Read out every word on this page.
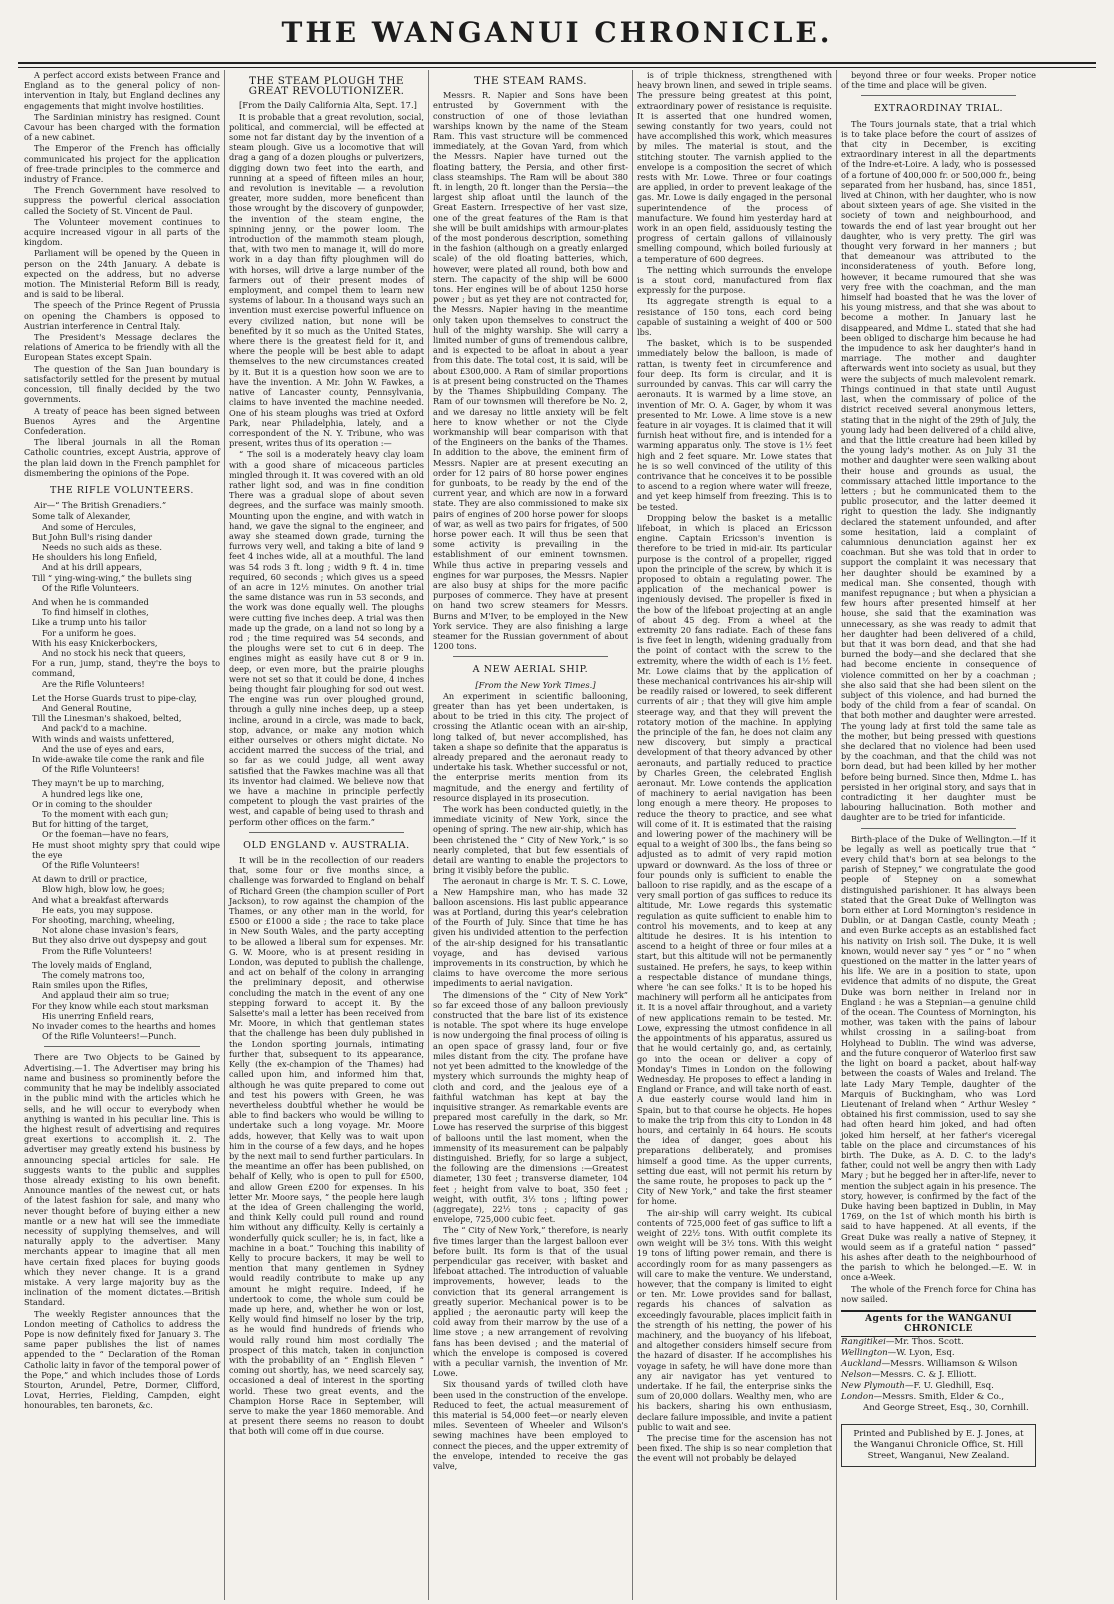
THE WANGANUI CHRONICLE.

A perfect accord exists between France and England as to the general policy of non-intervention in Italy, but England declines any engagements that might involve hostilities.

The Sardinian ministry has resigned. Count Cavour has been charged with the formation of a new cabinet.

The Emperor of the French has officially communicated his project for the application of free-trade principles to the commerce and industry of France.

The French Government have resolved to suppress the powerful clerical association called the Society of St. Vincent de Paul.

The Volunteer movement continues to acquire increased vigour in all parts of the kingdom.

Parliament will be opened by the Queen in person on the 24th January. A debate is expected on the address, but no adverse motion. The Ministerial Reform Bill is ready, and is said to be liberal.

The speech of the Prince Regent of Prussia on opening the Chambers is opposed to Austrian interference in Central Italy.

The President's Message declares the relations of America to be friendly with all the European States except Spain.

The question of the San Juan boundary is satisfactorily settled for the present by mutual concession, till finally decided by the two governments.

A treaty of peace has been signed between Buenos Ayres and the Argentine Confederation.

The liberal journals in all the Roman Catholic countries, except Austria, approve of the plan laid down in the French pamphlet for dismembering the opinions of the Pope.

THE RIFLE VOLUNTEERS.

Air—“ The British Grenadiers.”

Some talk of Alexander,
And some of Hercules,
But John Bull's rising dander
Needs no such aids as these.
He shoulders his long Enfield,
And at his drill appears,
Till “ ying-wing-wing,” the bullets sing
Of the Rifle Volunteers.
And when he is commanded
To find himself in clothes,
Like a trump unto his tailor
For a uniform he goes.
With his easy Knickerbockers,
And no stock his neck that queers,
For a run, jump, stand, they're the boys to command,
Are the Rifle Volunteers!
Let the Horse Guards trust to pipe-clay,
And General Routine,
Till the Linesman's shakoed, belted,
And pack'd to a machine.
With winds and waists unfettered,
And the use of eyes and ears,
In wide-awake tile come the rank and file
Of the Rifle Volunteers!
They mayn't be up to marching,
A hundred legs like one,
Or in coming to the shoulder
To the moment with each gun;
But for hitting of the target,
Or the foeman—have no fears,
He must shoot mighty spry that could wipe the eye
Of the Rifle Volunteers!
At dawn to drill or practice,
Blow high, blow low, he goes;
And what a breakfast afterwards
He eats, you may suppose.
For shooting, marching, wheeling,
Not alone chase invasion's fears,
But they also drive out dyspepsy and gout
From the Rifle Volunteers!
The lovely maids of England,
The comely matrons too,
Rain smiles upon the Rifles,
And applaud their aim so true;
For they know while each stout marksman
His unerring Enfield rears,
No invader comes to the hearths and homes
Of the Rifle Volunteers!—Punch.

There are Two Objects to be Gained by Advertising.—1. The Advertiser may bring his name and business so prominently before the community that he may be indelibly associated in the public mind with the articles which he sells, and he will occur to everybody when anything is wanted in his peculiar line. This is the highest result of advertising and requires great exertions to accomplish it. 2. The advertiser may greatly extend his business by announcing special articles for sale. He suggests wants to the public and supplies those already existing to his own benefit. Announce mantles of the newest cut, or hats of the latest fashion for sale, and many who never thought before of buying either a new mantle or a new hat will see the immediate necessity of supplying themselves, and will naturally apply to the advertiser. Many merchants appear to imagine that all men have certain fixed places for buying goods which they never change. It is a grand mistake. A very large majority buy as the inclination of the moment dictates.—British Standard.

The weekly Register announces that the London meeting of Catholics to address the Pope is now definitely fixed for January 3. The same paper publishes the list of names appended to the “ Declaration of the Roman Catholic laity in favor of the temporal power of the Pope,” and which includes those of Lords Stourton, Arundel, Petre, Dormer, Clifford, Lovat, Herries, Fielding, Campden, eight honourables, ten baronets, &c.

THE STEAM PLOUGH THE GREAT REVOLUTIONIZER.

[From the Daily California Alta, Sept. 17.]

It is probable that a great revolution, social, political, and commercial, will be effected at some not far distant day by the invention of a steam plough. Give us a locomotive that will drag a gang of a dozen ploughs or pulverizers, digging down two feet into the earth, and running at a speed of fifteen miles an hour, and revolution is inevitable — a revolution greater, more sudden, more beneficent than those wrought by the discovery of gunpowder, the invention of the steam engine, the spinning jenny, or the power loom. The introduction of the mammoth steam plough, that, with two men to manage it, will do more work in a day than fifty ploughmen will do with horses, will drive a large number of the farmers out of their present modes of employment, and compel them to learn new systems of labour. In a thousand ways such an invention must exercise powerful influence on every civilized nation, but none will be benefited by it so much as the United States, where there is the greatest field for it, and where the people will be best able to adapt themselves to the new circumstances created by it. But it is a question how soon we are to have the invention. A Mr. John W. Fawkes, a native of Lancaster county, Pennsylvania, claims to have invented the machine needed. One of his steam ploughs was tried at Oxford Park, near Philadelphia, lately, and a correspondent of the N. Y. Tribune, who was present, writes thus of its operation :—

“ The soil is a moderately heavy clay loam with a good share of micaceous particles mingled through it. It was covered with an old rather light sod, and was in fine condition There was a gradual slope of about seven degrees, and the surface was mainly smooth. Mounting upon the engine, and with watch in hand, we gave the signal to the engineer, and away she steamed down grade, turning the furrows very well, and taking a bite of land 9 feet 4 inches wide, all at a mouthful. The land was 54 rods 3 ft. long ; width 9 ft. 4 in. time required, 60 seconds ; which gives us a speed of an acre in 12½ minutes. On another trial the same distance was run in 53 seconds, and the work was done equally well. The ploughs were cutting five inches deep. A trial was then made up the grade, on a land not so long by a rod ; the time required was 54 seconds, and the ploughs were set to cut 6 in deep. The engines might as easily have cut 8 or 9 in. deep, or even more, but the prairie ploughs were not set so that it could be done, 4 inches being thought fair ploughing for sod out west. The engine was run over ploughed ground, through a gully nine inches deep, up a steep incline, around in a circle, was made to back, stop, advance, or make any motion which either ourselves or others might dictate. No accident marred the success of the trial, and so far as we could judge, all went away satisfied that the Fawkes machine was all that its inventor had claimed. We believe now that we have a machine in principle perfectly competent to plough the vast prairies of the west, and capable of being used to thrash and perform other offices on the farm.”

OLD ENGLAND v. AUSTRALIA.

It will be in the recollection of our readers that, some four or five months since, a challenge was forwarded to England on behalf of Richard Green (the champion sculler of Port Jackson), to row against the champion of the Thames, or any other man in the world, for £500 or £1000 a side ; the race to take place in New South Wales, and the party accepting to be allowed a liberal sum for expenses. Mr. G. W. Moore, who is at present residing in London, was deputed to publish the challenge, and act on behalf of the colony in arranging the preliminary deposit, and otherwise concluding the match in the event of any one stepping forward to accept it. By the Salsette's mail a letter has been received from Mr. Moore, in which that gentleman states that the challenge has been duly published in the London sporting journals, intimating further that, subsequent to its appearance, Kelly (the ex-champion of the Thames) had called upon him, and informed him that, although he was quite prepared to come out and test his powers with Green, he was nevertheless doubtful whether he would be able to find backers who would be willing to undertake such a long voyage. Mr. Moore adds, however, that Kelly was to wait upon him in the course of a few days, and he hopes by the next mail to send further particulars. In the meantime an offer has been published, on behalf of Kelly, who is open to pull for £500, and allow Green £200 for expenses. In his letter Mr. Moore says, “ the people here laugh at the idea of Green challenging the world, and think Kelly could pull round and round him without any difficulty. Kelly is certainly a wonderfully quick sculler; he is, in fact, like a machine in a boat.” Touching this inability of Kelly to procure backers, it may be well to mention that many gentlemen in Sydney would readily contribute to make up any amount he might require. Indeed, if he undertook to come, the whole sum could be made up here, and, whether he won or lost, Kelly would find himself no loser by the trip, as he would find hundreds of friends who would rally round him most cordially The prospect of this match, taken in conjunction with the probability of an “ English Eleven ” coming out shortly, has, we need scarcely say, occasioned a deal of interest in the sporting world. These two great events, and the Champion Horse Race in September, will serve to make the year 1860 memorable. And at present there seems no reason to doubt that both will come off in due course.

THE STEAM RAMS.

Messrs. R. Napier and Sons have been entrusted by Government with the construction of one of those leviathan warships known by the name of the Steam Ram. This vast structure will be commenced immediately, at the Govan Yard, from which the Messrs. Napier have turned out the floating battery, the Persia, and other first-class steamships. The Ram will be about 380 ft. in length, 20 ft. longer than the Persia—the largest ship afloat until the launch of the Great Eastern. Irrespective of her vast size, one of the great features of the Ram is that she will be built amidships with armour-plates of the most ponderous description, something in the fashion (although on a greatly enlarged scale) of the old floating batteries, which, however, were plated all round, both bow and stern. The capacity of the ship will be 6000 tons. Her engines will be of about 1250 horse power ; but as yet they are not contracted for, the Messrs. Napier having in the meantime only taken upon themselves to construct the hull of the mighty warship. She will carry a limited number of guns of tremendous calibre, and is expected to be afloat in about a year from this date. The total cost, it is said, will be about £300,000. A Ram of similar proportions is at present being constructed on the Thames by the Thames Shipbuilding Company. The Ram of our townsmen will therefore be No. 2, and we daresay no little anxiety will be felt here to know whether or not the Clyde workmanship will bear comparison with that of the Engineers on the banks of the Thames. In addition to the above, the eminent firm of Messrs. Napier are at present executing an order for 12 pairs of 80 horse power engines for gunboats, to be ready by the end of the current year, and which are now in a forward state. They are also commissioned to make six pairs of engines of 200 horse power for sloops of war, as well as two pairs for frigates, of 500 horse power each. It will thus be seen that some activity is prevailing in the establishment of our eminent townsmen. While thus active in preparing vessels and engines for war purposes, the Messrs. Napier are also busy at ships for the more pacific purposes of commerce. They have at present on hand two screw steamers for Messrs. Burns and M'Iver, to be employed in the New York service. They are also finishing a large steamer for the Russian government of about 1200 tons.

A NEW AERIAL SHIP.

[From the New York Times.]

An experiment in scientific ballooning, greater than has yet been undertaken, is about to be tried in this city. The project of crossing the Atlantic ocean with an air-ship, long talked of, but never accomplished, has taken a shape so definite that the apparatus is already prepared and the aeronaut ready to undertake his task. Whether successful or not, the enterprise merits mention from its magnitude, and the energy and fertility of resource displayed in its prosecution.

The work has been conducted quietly, in the immediate vicinity of New York, since the opening of spring. The new air-ship, which has been christened the “ City of New York,” is so nearly completed, that but few essentials of detail are wanting to enable the projectors to bring it visibly before the public.

The aeronaut in charge is Mr. T. S. C. Lowe, a New Hampshire man, who has made 32 balloon ascensions. His last public appearance was at Portland, during this year's celebration of the Fourth of July. Since that time he has given his undivided attention to the perfection of the air-ship designed for his transatlantic voyage, and has devised various improvements in its construction, by which he claims to have overcome the more serious impediments to aerial navigation.

The dimensions of the “ City of New York” so far exceed those of any balloon previously constructed that the bare list of its existence is notable. The spot where its huge envelope is now undergoing the final process of oiling is an open space of grassy land, four or five miles distant from the city. The profane have not yet been admitted to the knowledge of the mystery which surrounds the mighty heap of cloth and cord, and the jealous eye of a faithful watchman has kept at bay the inquisitive stranger. As remarkable events are prepared most carefully in the dark, so Mr. Lowe has reserved the surprise of this biggest of balloons until the last moment, when the immensity of its measurement can be palpably distinguished. Briefly, for so large a subject, the following are the dimensions :—Greatest diameter, 130 feet ; transverse diameter, 104 feet ; height from valve to boat, 350 feet ; weight, with outfit, 3½ tons ; lifting power (aggregate), 22½ tons ; capacity of gas envelope, 725,000 cubic feet.

The “ City of New York,” therefore, is nearly five times larger than the largest balloon ever before built. Its form is that of the usual perpendicular gas receiver, with basket and lifeboat attached. The introduction of valuable improvements, however, leads to the conviction that its general arrangement is greatly superior. Mechanical power is to be applied ; the aeronautic party will keep the cold away from their marrow by the use of a lime stove ; a new arrangement of revolving fans has been devised ; and the material of which the envelope is composed is covered with a peculiar varnish, the invention of Mr. Lowe.

Six thousand yards of twilled cloth have been used in the construction of the envelope. Reduced to feet, the actual measurement of this material is 54,000 feet—or nearly eleven miles. Seventeen of Wheeler and Wilson's sewing machines have been employed to connect the pieces, and the upper extremity of the envelope, intended to receive the gas valve,

is of triple thickness, strengthened with heavy brown linen, and sewed in triple seams. The pressure being greatest at this point, extraordinary power of resistance is requisite. It is asserted that one hundred women, sewing constantly for two years, could not have accomplished this work, which measures by miles. The material is stout, and the stitching stouter. The varnish applied to the envelope is a composition the secret of which rests with Mr. Lowe. Three or four coatings are applied, in order to prevent leakage of the gas. Mr. Lowe is daily engaged in the personal superintendence of the process of manufacture. We found him yesterday hard at work in an open field, assiduously testing the progress of certain gallons of villainously smelling compound, which boiled furiously at a temperature of 600 degrees.

The netting which surrounds the envelope is a stout cord, manufactured from flax expressly for the purpose.

Its aggregate strength is equal to a resistance of 150 tons, each cord being capable of sustaining a weight of 400 or 500 lbs.

The basket, which is to be suspended immediately below the balloon, is made of rattan, is twenty feet in circumference and four deep. Its form is circular, and it is surrounded by canvas. This car will carry the aeronauts. It is warmed by a lime stove, an invention of Mr. O. A. Gager, by whom it was presented to Mr. Lowe. A lime stove is a new feature in air voyages. It is claimed that it will furnish heat without fire, and is intended for a warming apparatus only. The stove is 1½ feet high and 2 feet square. Mr. Lowe states that he is so well convinced of the utility of this contrivance that he conceives it to be possible to ascend to a region where water will freeze, and yet keep himself from freezing. This is to be tested.

Dropping below the basket is a metallic lifeboat, in which is placed an Ericsson engine. Captain Ericsson's invention is therefore to be tried in mid-air. Its particular purpose is the control of a propeller, rigged upon the principle of the screw, by which it is proposed to obtain a regulating power. The application of the mechanical power is ingeniously devised. The propeller is fixed in the bow of the lifeboat projecting at an angle of about 45 deg. From a wheel at the extremity 20 fans radiate. Each of these fans is five feet in length, widening gradually from the point of contact with the screw to the extremity, where the width of each is 1½ feet. Mr. Lowe claims that by the application of these mechanical contrivances his air-ship will be readily raised or lowered, to seek different currents of air ; that they will give him ample steerage way, and that they will prevent the rotatory motion of the machine. In applying the principle of the fan, he does not claim any new discovery, but simply a practical development of that theory advanced by other aeronauts, and partially reduced to practice by Charles Green, the celebrated English aeronaut. Mr. Lowe contends the application of machinery to aerial navigation has been long enough a mere theory. He proposes to reduce the theory to practice, and see what will come of it. It is estimated that the raising and lowering power of the machinery will be equal to a weight of 300 lbs., the fans being so adjusted as to admit of very rapid motion upward or downward. As the loss of three or four pounds only is sufficient to enable the balloon to rise rapidly, and as the escape of a very small portion of gas suffices to reduce its altitude, Mr. Lowe regards this systematic regulation as quite sufficient to enable him to control his movements, and to keep at any altitude he desires. It is his intention to ascend to a height of three or four miles at a start, but this altitude will not be permanently sustained. He prefers, he says, to keep within a respectable distance of mundane things, where 'he can see folks.' It is to be hoped his machinery will perform all he anticipates from it. It is a novel affair throughout, and a variety of new applications remain to be tested. Mr. Lowe, expressing the utmost confidence in all the appointments of his apparatus, assured us that he would certainly go, and, as certainly, go into the ocean or deliver a copy of Monday's Times in London on the following Wednesday. He proposes to effect a landing in England or France, and will take north of east. A due easterly course would land him in Spain, but to that course he objects. He hopes to make the trip from this city to London in 48 hours, and certainly in 64 hours. He scouts the idea of danger, goes about his preparations deliberately, and promises himself a good time. As the upper currents, setting due east, will not permit his return by the same route, he proposes to pack up the “ City of New York,” and take the first steamer for home.

The air-ship will carry weight. Its cubical contents of 725,000 feet of gas suffice to lift a weight of 22½ tons. With outfit complete its own weight will be 3½ tons. With this weight 19 tons of lifting power remain, and there is accordingly room for as many passengers as will care to make the venture. We understand, however, that the company is limited to eight or ten. Mr. Lowe provides sand for ballast, regards his chances of salvation as exceedingly favourable, places implicit faith in the strength of his netting, the power of his machinery, and the buoyancy of his lifeboat, and altogether considers himself secure from the hazard of disaster. If he accomplishes his voyage in safety, he will have done more than any air navigator has yet ventured to undertake. If he fail, the enterprise sinks the sum of 20,000 dollars. Wealthy men, who are his backers, sharing his own enthusiasm, declare failure impossible, and invite a patient public to wait and see.

The precise time for the ascension has not been fixed. The ship is so near completion that the event will not probably be delayed

beyond three or four weeks. Proper notice of the time and place will be given.

EXTRAORDINAY TRIAL.

The Tours journals state, that a trial which is to take place before the court of assizes of that city in December, is exciting extraordinary interest in all the departments of the Indre-et-Loire. A lady, who is possessed of a fortune of 400,000 fr. or 500,000 fr., being separated from her husband, has, since 1851, lived at Chinon, with her daughter, who is now about sixteen years of age. She visited in the society of town and neighbourhood, and towards the end of last year brought out her daughter, who is very pretty. The girl was thought very forward in her manners ; but that demeanour was attributed to the inconsiderateness of youth. Before long, however, it became rumoured that she was very free with the coachman, and the man himself had boasted that he was the lover of his young mistress, and that she was about to become a mother. In January last he disappeared, and Mdme L. stated that she had been obliged to discharge him because he had the impudence to ask her daughter's hand in marriage. The mother and daughter afterwards went into society as usual, but they were the subjects of much malevolent remark. Things continued in that state until August last, when the commissary of police of the district received several anonymous letters, stating that in the night of the 29th of July, the young lady had been delivered of a child alive, and that the little creature had been killed by the young lady's mother. As on July 31 the mother and daughter were seen walking about their house and grounds as usual, the commissary attached little importance to the letters ; but he communicated them to the public prosecutor, and the latter deemed it right to question the lady. She indignantly declared the statement unfounded, and after some hesitation, laid a complaint of calumnious denunciation against her ex coachman. But she was told that in order to support the complaint it was necessary that her daughter should be examined by a medical man. She consented, though with manifest repugnance ; but when a physician a few hours after presented himself at her house, she said that the examination was unnecessary, as she was ready to admit that her daughter had been delivered of a child, but that it was born dead, and that she had burned the body—and she declared that she had become enciente in consequence of violence committed on her by a coachman ; she also said that she had been silent on the subject of this violence, and had burned the body of the child from a fear of scandal. On that both mother and daughter were arrested. The young lady at first told the same tale as the mother, but being pressed with questions she declared that no violence had been used by the coachman, and that the child was not born dead, but had been killed by her mother before being burned. Since then, Mdme L. has persisted in her original story, and says that in contradicting it her daughter must be labouring hallucination. Both mother and daughter are to be tried for infanticide.

Birth-place of the Duke of Wellington.—If it be legally as well as poetically true that “ every child that's born at sea belongs to the parish of Stepney,” we congratulate the good people of Stepney on a somewhat distinguished parishioner. It has always been stated that the Great Duke of Wellington was born either at Lord Mornington's residence in Dublin, or at Dangan Castle, county Meath ; and even Burke accepts as an established fact his nativity on Irish soil. The Duke, it is well known, would never say “ yes ” or “ no ” when questioned on the matter in the latter years of his life. We are in a position to state, upon evidence that admits of no dispute, the Great Duke was born neither in Ireland nor in England : he was a Stepnian—a genuine child of the ocean. The Countess of Mornington, his mother, was taken with the pains of labour whilst crossing in a sailing-boat from Holyhead to Dublin. The wind was adverse, and the future conqueror of Waterloo first saw the light on board a packet, about half-way between the coasts of Wales and Ireland. The late Lady Mary Temple, daughter of the Marquis of Buckingham, who was Lord Lieutenant of Ireland when “ Arthur Wesley ” obtained his first commission, used to say she had often heard him joked, and had often joked him herself, at her father's viceregal table on the place and circumstances of his birth. The Duke, as A. D. C. to the lady's father, could not well be angry then with Lady Mary ; but he begged her in after-life, never to mention the subject again in his presence. The story, however, is confirmed by the fact of the Duke having been baptized in Dublin, in May 1769, on the 1st of which month his birth is said to have happened. At all events, if the Great Duke was really a native of Stepney, it would seem as if a grateful nation “ passed” his ashes after death to the neighbourhood of the parish to which he belonged.—E. W. in once a-Week.

The whole of the French force for China has now sailed.

Agents for the WANGANUI CHRONICLE
Rangitikei—Mr. Thos. Scott.
Wellington—W. Lyon, Esq.
Auckland—Messrs. Williamson & Wilson
Nelson—Messrs. C. & J. Elliott.
New Plymouth—F. U. Gledhill, Esq.
London—Messrs. Smith, Elder & Co.,
And George Street, Esq., 30, Cornhill.
Printed and Published by E. J. Jones, at the Wanganui Chronicle Office, St. Hill Street, Wanganui, New Zealand.
